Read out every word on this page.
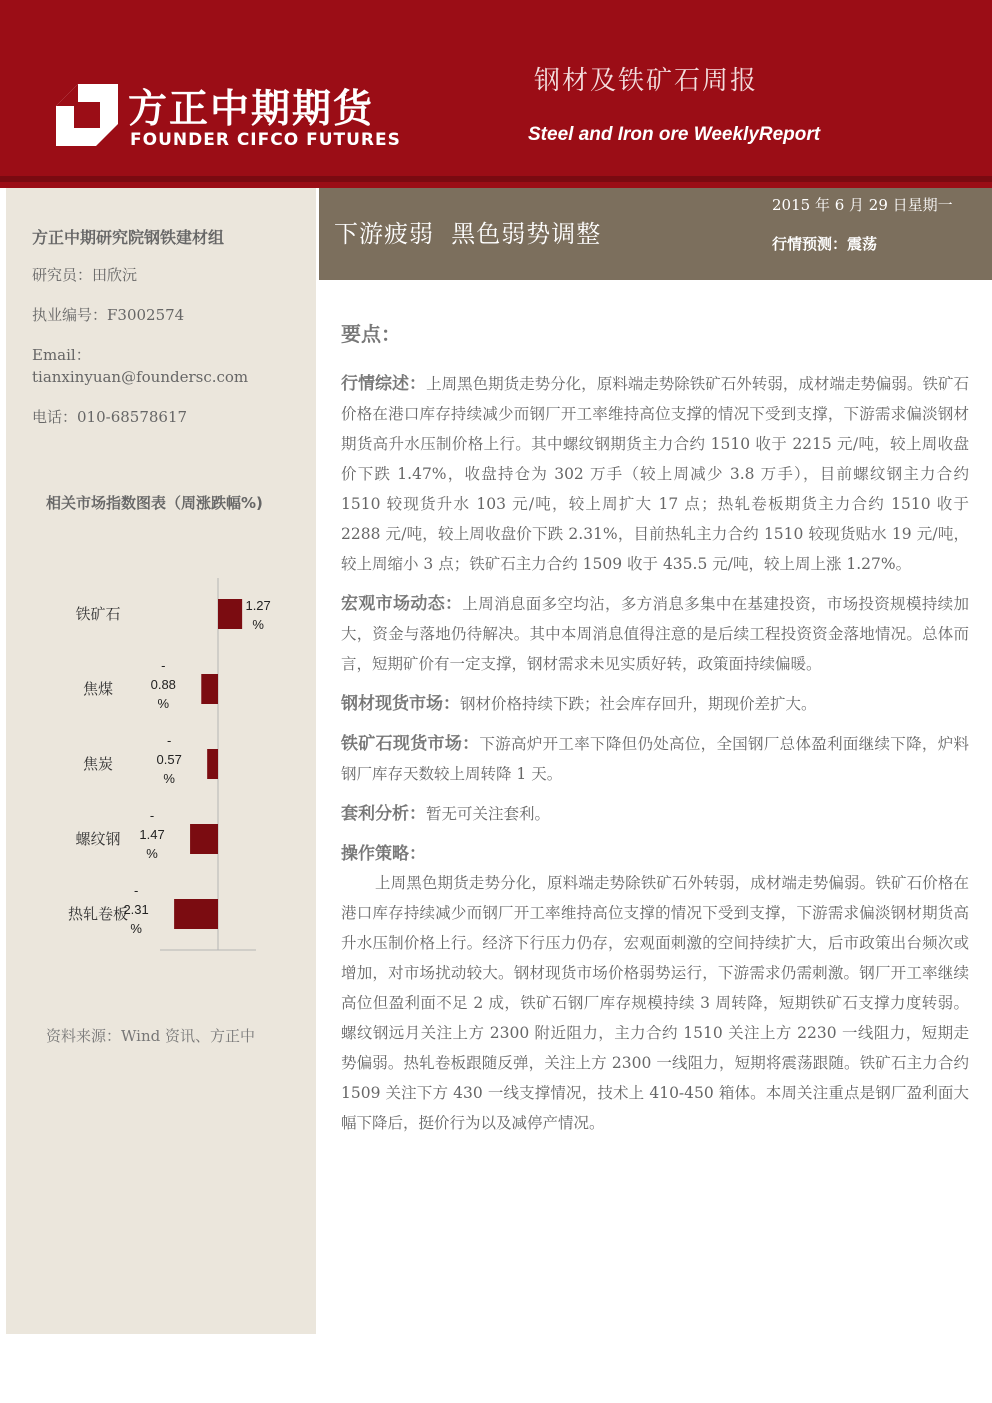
方正中期期货
FOUNDER CIFCO FUTURES
钢材及铁矿石周报
Steel and Iron ore WeeklyReport
方正中期研究院钢铁建材组
研究员：田欣沅
执业编号：F3002574
Email：
tianxinyuan@foundersc.com
电话：010-68578617
相关市场指数图表（周涨跌幅%)
铁矿石	1.27 %
焦煤
-0.88 %
焦炭
-0.57 %
螺纹钢
-1.47 %
热轧卷板
-2.31 %
资料来源：Wind 资讯、方正中
下游疲弱  黑色弱势调整
2015 年 6 月 29 日星期一
行情预测：震荡
要点：

行情综述：上周黑色期货走势分化，原料端走势除铁矿石外转弱，成材端走势偏弱。铁矿石价格在港口库存持续减少而钢厂开工率维持高位支撑的情况下受到支撑，下游需求偏淡钢材期货高升水压制价格上行。其中螺纹钢期货主力合约 1510 收于 2215 元/吨，较上周收盘价下跌 1.47%，收盘持仓为 302 万手（较上周减少 3.8 万手），目前螺纹钢主力合约 1510 较现货升水 103 元/吨，较上周扩大 17 点；热轧卷板期货主力合约 1510 收于 2288 元/吨，较上周收盘价下跌 2.31%，目前热轧主力合约 1510 较现货贴水 19 元/吨，较上周缩小 3 点；铁矿石主力合约 1509 收于 435.5 元/吨，较上周上涨 1.27%。

宏观市场动态：上周消息面多空均沾，多方消息多集中在基建投资，市场投资规模持续加大，资金与落地仍待解决。其中本周消息值得注意的是后续工程投资资金落地情况。总体而言，短期矿价有一定支撑，钢材需求未见实质好转，政策面持续偏暖。

钢材现货市场：钢材价格持续下跌；社会库存回升，期现价差扩大。

铁矿石现货市场：下游高炉开工率下降但仍处高位，全国钢厂总体盈利面继续下降，炉料钢厂库存天数较上周转降 1 天。

套利分析：暂无可关注套利。

操作策略：

上周黑色期货走势分化，原料端走势除铁矿石外转弱，成材端走势偏弱。铁矿石价格在港口库存持续减少而钢厂开工率维持高位支撑的情况下受到支撑，下游需求偏淡钢材期货高升水压制价格上行。经济下行压力仍存，宏观面刺激的空间持续扩大，后市政策出台频次或增加，对市场扰动较大。钢材现货市场价格弱势运行，下游需求仍需刺激。钢厂开工率继续高位但盈利面不足 2 成，铁矿石钢厂库存规模持续 3 周转降，短期铁矿石支撑力度转弱。螺纹钢远月关注上方 2300 附近阻力，主力合约 1510 关注上方 2230 一线阻力，短期走势偏弱。热轧卷板跟随反弹，关注上方 2300 一线阻力，短期将震荡跟随。铁矿石主力合约 1509 关注下方 430 一线支撑情况，技术上 410-450 箱体。本周关注重点是钢厂盈利面大幅下降后，挺价行为以及减停产情况。
